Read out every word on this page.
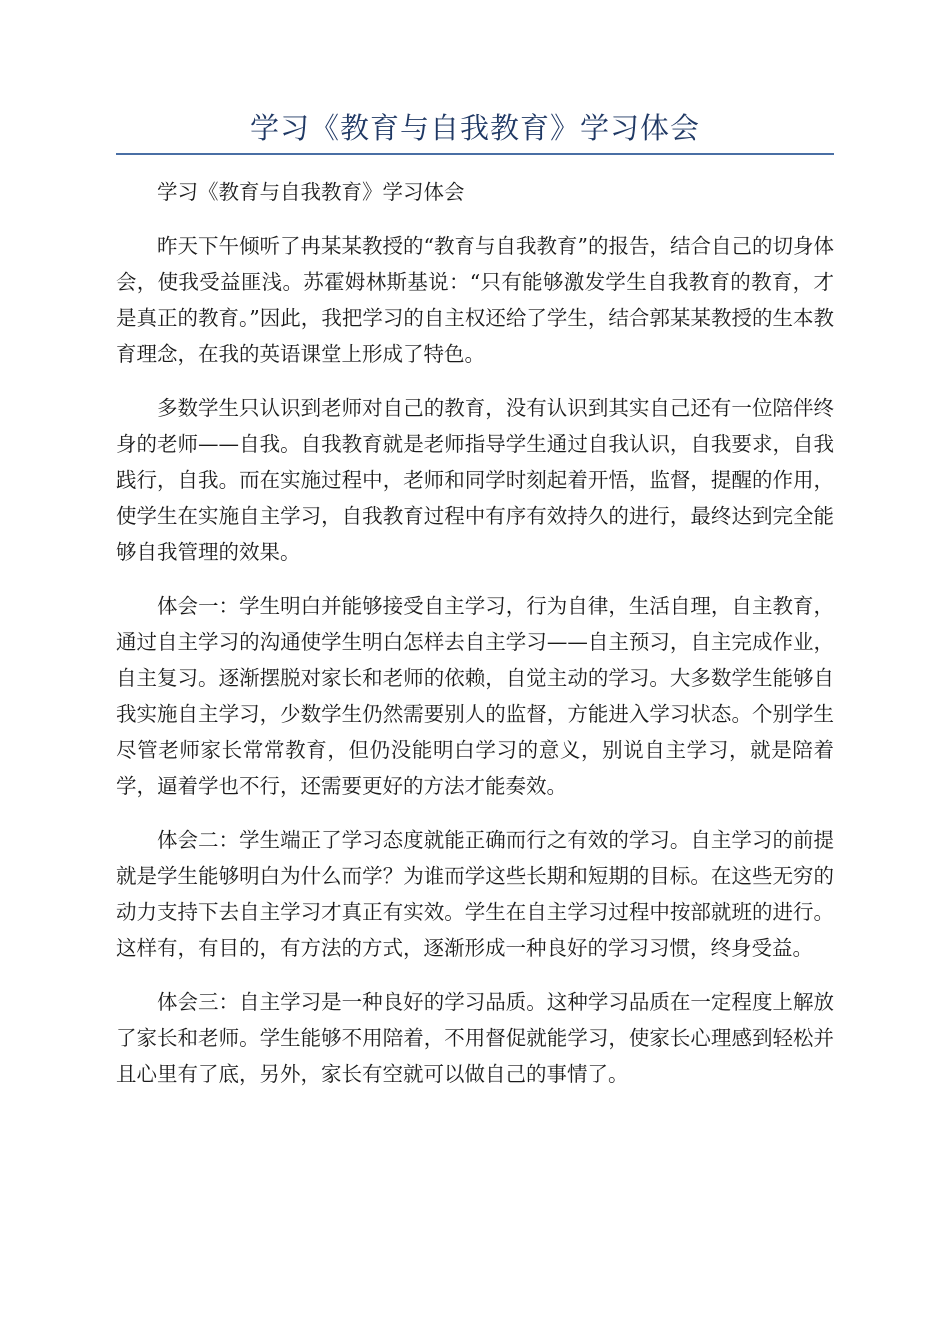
学习《教育与自我教育》学习体会

学习《教育与自我教育》学习体会

昨天下午倾听了冉某某教授的“教育与自我教育”的报告，结合自己的切身体会，使我受益匪浅。苏霍姆林斯基说：“只有能够激发学生自我教育的教育，才是真正的教育。”因此，我把学习的自主权还给了学生，结合郭某某教授的生本教育理念，在我的英语课堂上形成了特色。

多数学生只认识到老师对自己的教育，没有认识到其实自己还有一位陪伴终身的老师——自我。自我教育就是老师指导学生通过自我认识，自我要求，自我践行，自我。而在实施过程中，老师和同学时刻起着开悟，监督，提醒的作用，使学生在实施自主学习，自我教育过程中有序有效持久的进行，最终达到完全能够自我管理的效果。

体会一：学生明白并能够接受自主学习，行为自律，生活自理，自主教育，通过自主学习的沟通使学生明白怎样去自主学习——自主预习，自主完成作业，自主复习。逐渐摆脱对家长和老师的依赖，自觉主动的学习。大多数学生能够自我实施自主学习，少数学生仍然需要别人的监督，方能进入学习状态。个别学生尽管老师家长常常教育，但仍没能明白学习的意义，别说自主学习，就是陪着学，逼着学也不行，还需要更好的方法才能奏效。

体会二：学生端正了学习态度就能正确而行之有效的学习。自主学习的前提就是学生能够明白为什么而学？为谁而学这些长期和短期的目标。在这些无穷的动力支持下去自主学习才真正有实效。学生在自主学习过程中按部就班的进行。这样有，有目的，有方法的方式，逐渐形成一种良好的学习习惯，终身受益。

体会三：自主学习是一种良好的学习品质。这种学习品质在一定程度上解放了家长和老师。学生能够不用陪着，不用督促就能学习，使家长心理感到轻松并且心里有了底，另外，家长有空就可以做自己的事情了。
